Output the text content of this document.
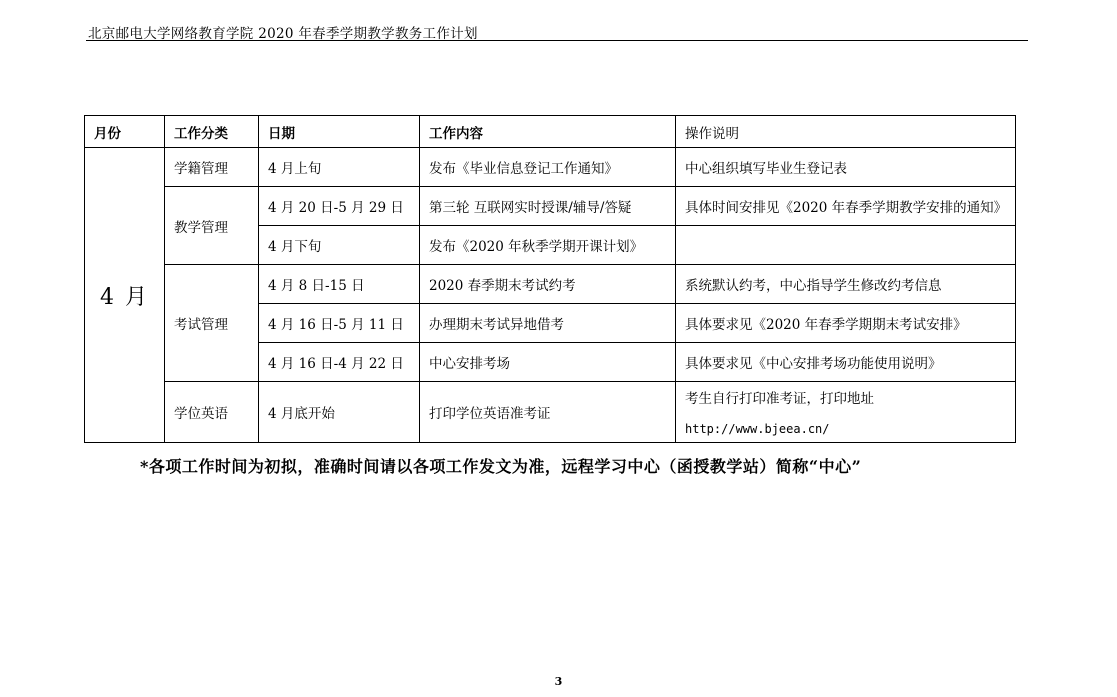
北京邮电大学网络教育学院 2020 年春季学期教学教务工作计划
月份	工作分类	日期	工作内容	操作说明
4 月	学籍管理	4 月上旬	发布《毕业信息登记工作通知》	中心组织填写毕业生登记表
	教学管理	4 月 20 日-5 月 29 日	第三轮 互联网实时授课/辅导/答疑	具体时间安排见《2020 年春季学期教学安排的通知》
		4 月下旬	发布《2020 年秋季学期开课计划》	
	考试管理	4 月 8 日-15 日	2020 春季期末考试约考	系统默认约考，中心指导学生修改约考信息
		4 月 16 日-5 月 11 日	办理期末考试异地借考	具体要求见《2020 年春季学期期末考试安排》
		4 月 16 日-4 月 22 日	中心安排考场	具体要求见《中心安排考场功能使用说明》
	学位英语	4 月底开始	打印学位英语准考证	考生自行打印准考证，打印地址
http://www.bjeea.cn/
*各项工作时间为初拟，准确时间请以各项工作发文为准，远程学习中心（函授教学站）简称“中心”
3
